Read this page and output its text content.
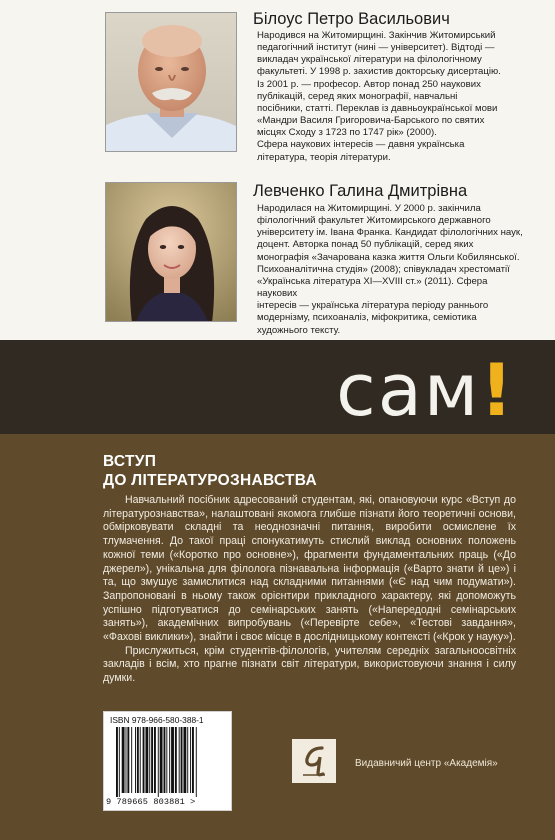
Білоус Петро Васильович

Народився на Житомирщині. Закінчив Житомирський

педагогічний інститут (нині — університет). Відтоді —

викладач української літератури на філологічному

факультеті. У 1998 р. захистив докторську дисертацію.

Із 2001 р. — професор. Автор понад 250 наукових

публікацій, серед яких монографії, навчальні

посібники, статті. Переклав із давньоукраїнської мови

«Мандри Василя Григоровича-Барського по святих

місцях Сходу з 1723 по 1747 рік» (2000).

Сфера наукових інтересів — давня українська

література, теорія літератури.

Левченко Галина Дмитрівна

Народилася на Житомирщині. У 2000 р. закінчила

філологічний факультет Житомирського державного

університету ім. Івана Франка. Кандидат філологічних наук,

доцент. Авторка понад 50 публікацій, серед яких

монографія «Зачарована казка життя Ольги Кобилянської.

Психоаналітична студія» (2008); співукладач хрестоматії

«Українська література XI—XVIII ст.» (2011). Сфера наукових

інтересів — українська література періоду раннього

модернізму, психоаналіз, міфокритика, семіотика

художнього тексту.

сам!
ВСТУП
ДО ЛІТЕРАТУРОЗНАВСТВА

Навчальний посібник адресований студентам, які, опановуючи курс «Вступ до літературознавства», налаштовані якомога глибше пізнати його теоретичні основи, обмірковувати складні та неоднозначні питання, виробити осмислене їх тлумачення. До такої праці спонукатимуть стислий виклад основних положень кожної теми («Коротко про основне»), фрагменти фундаментальних праць («До джерел»), унікальна для філолога пізнавальна інформація («Варто знати й це») і та, що змушує замислитися над складними питаннями («Є над чим подумати»). Запропоновані в ньому також орієнтири прикладного характеру, які допоможуть успішно підготуватися до семінарських занять («Напередодні семінарських занять»), академічних випробувань («Перевірте себе», «Тестові завдання», «Фахові виклики»), знайти і своє місце в дослідницькому контексті («Крок у науку»).

Прислужиться, крім студентів-філологів, учителям середніх загальноосвітніх закладів і всім, хто прагне пізнати світ літератури, використовуючи знання і силу думки.

ISBN 978-966-580-388-1
9 789665 803881 >
Видавничий центр «Академія»
